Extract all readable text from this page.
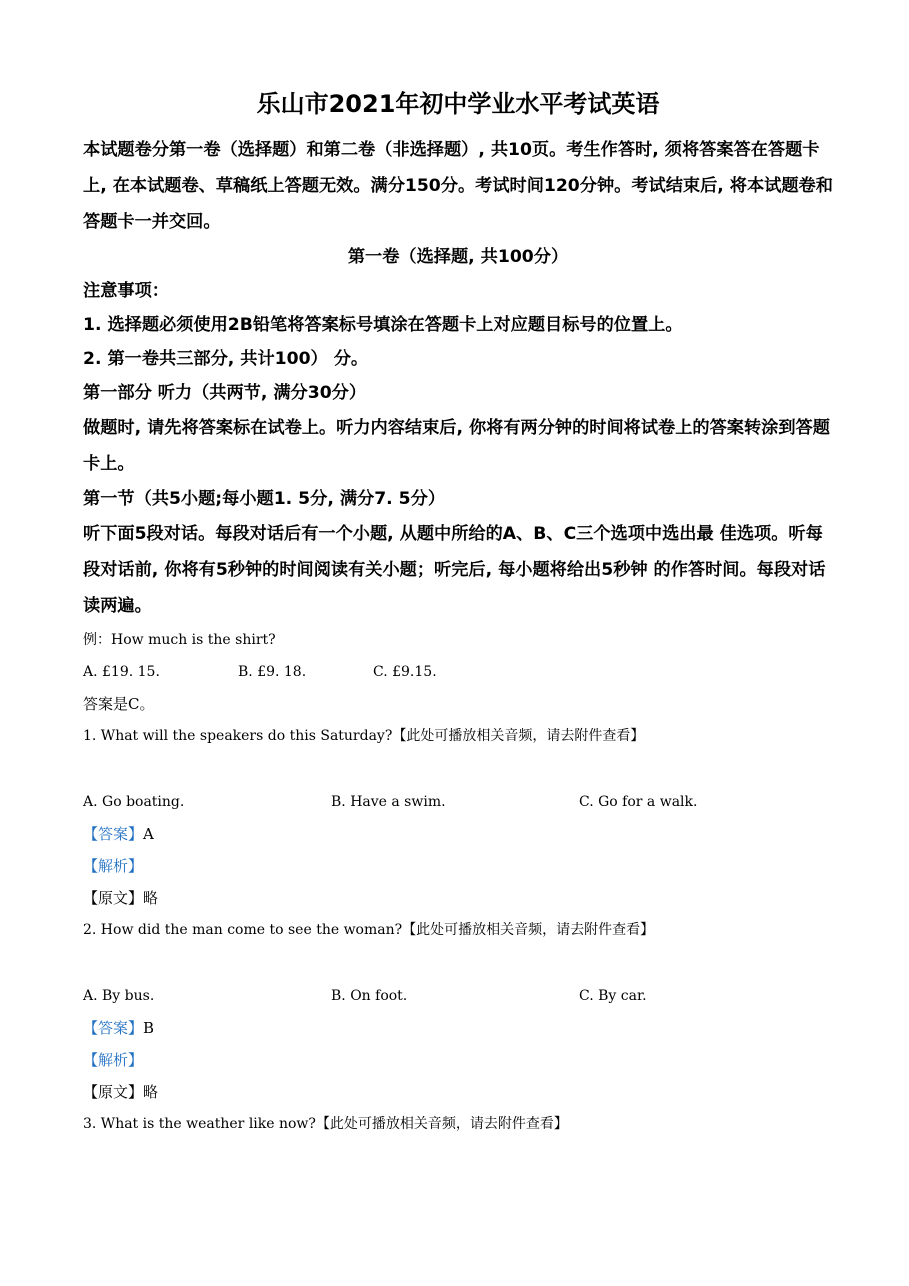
乐山市2021年初中学业水平考试英语

本试题卷分第一卷（选择题）和第二卷（非选择题）, 共10页。考生作答时, 须将答案答在答题卡上, 在本试题卷、草稿纸上答题无效。满分150分。考试时间120分钟。考试结束后, 将本试题卷和答题卡一并交回。

第一卷（选择题, 共100分）

注意事项：

1. 选择题必须使用2B铅笔将答案标号填涂在答题卡上对应题目标号的位置上。

2. 第一卷共三部分, 共计100） 分。

第一部分 听力（共两节, 满分30分）

做题时, 请先将答案标在试卷上。听力内容结束后, 你将有两分钟的时间将试卷上的答案转涂到答题卡上。

第一节（共5小题;每小题1. 5分, 满分7. 5分）

听下面5段对话。每段对话后有一个小题, 从题中所给的A、B、C三个选项中选出最 佳选项。听每段对话前, 你将有5秒钟的时间阅读有关小题；听完后, 每小题将给出5秒钟 的作答时间。每段对话读两遍。

例：How much is the shirt?

A. £19. 15.	B. £9. 18.	C. £9.15.

答案是C。

1. What will the speakers do this Saturday?【此处可播放相关音频，请去附件查看】

A. Go boating.	B. Have a swim.	C. Go for a walk.

【答案】A

【解析】

【原文】略

2. How did the man come to see the woman?【此处可播放相关音频，请去附件查看】

A. By bus.	B. On foot.	C. By car.

【答案】B

【解析】

【原文】略

3. What is the weather like now?【此处可播放相关音频，请去附件查看】
